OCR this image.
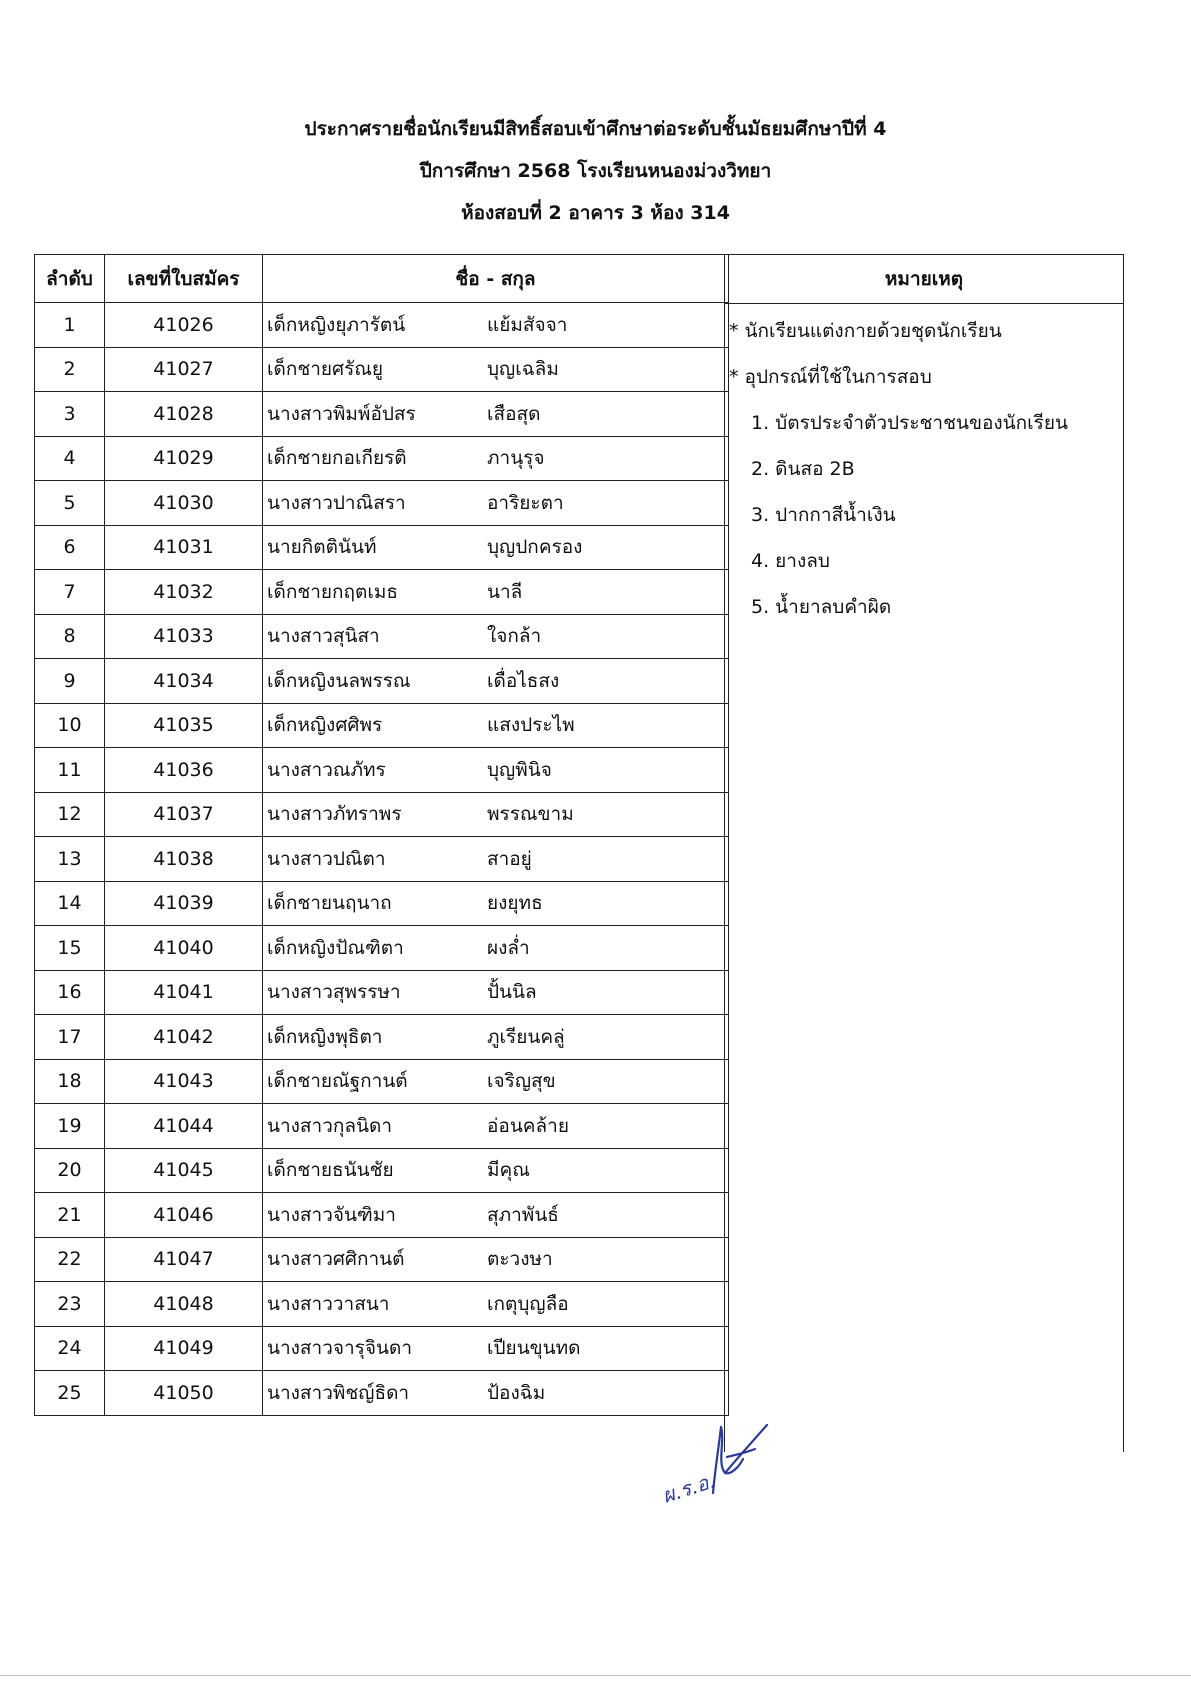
ประกาศรายชื่อนักเรียนมีสิทธิ์สอบเข้าศึกษาต่อระดับชั้นมัธยมศึกษาปีที่ 4
ปีการศึกษา 2568 โรงเรียนหนองม่วงวิทยา
ห้องสอบที่ 2 อาคาร 3 ห้อง 314
ลำดับ	เลขที่ใบสมัคร	ชื่อ - สกุล
1	41026	เด็กหญิงยุภารัตน์ แย้มสัจจา

2	41027	เด็กชายศรัณยู บุญเฉลิม

3	41028	นางสาวพิมพ์อัปสร เสือสุด

4	41029	เด็กชายกอเกียรติ ภานุรุจ

5	41030	นางสาวปาณิสรา อาริยะตา

6	41031	นายกิตตินันท์ บุญปกครอง

7	41032	เด็กชายกฤตเมธ นาลี

8	41033	นางสาวสุนิสา ใจกล้า

9	41034	เด็กหญิงนลพรรณ เดื่อไธสง

10	41035	เด็กหญิงศศิพร แสงประไพ

11	41036	นางสาวณภัทร บุญพินิจ

12	41037	นางสาวภัทราพร พรรณขาม

13	41038	นางสาวปณิตา สาอยู่

14	41039	เด็กชายนฤนาถ ยงยุทธ

15	41040	เด็กหญิงปัณฑิตา ผงล่ำ

16	41041	นางสาวสุพรรษา ปั้นนิล

17	41042	เด็กหญิงพุธิตา ภูเรียนคลู่

18	41043	เด็กชายณัฐกานต์ เจริญสุข

19	41044	นางสาวกุลนิดา อ่อนคล้าย

20	41045	เด็กชายธนันชัย มีคุณ

21	41046	นางสาวจันฑิมา สุภาพันธ์

22	41047	นางสาวศศิกานต์ ตะวงษา

23	41048	นางสาววาสนา เกตุบุญลือ

24	41049	นางสาวจารุจินดา เปียนขุนทด

25	41050	นางสาวพิชญ์ธิดา ป้องฉิม
หมายเหตุ
* นักเรียนแต่งกายด้วยชุดนักเรียน
* อุปกรณ์ที่ใช้ในการสอบ
1. บัตรประจำตัวประชาชนของนักเรียน
2. ดินสอ 2B
3. ปากกาสีน้ำเงิน
4. ยางลบ
5. น้ำยาลบคำผิด
ผ.ร.อ.
